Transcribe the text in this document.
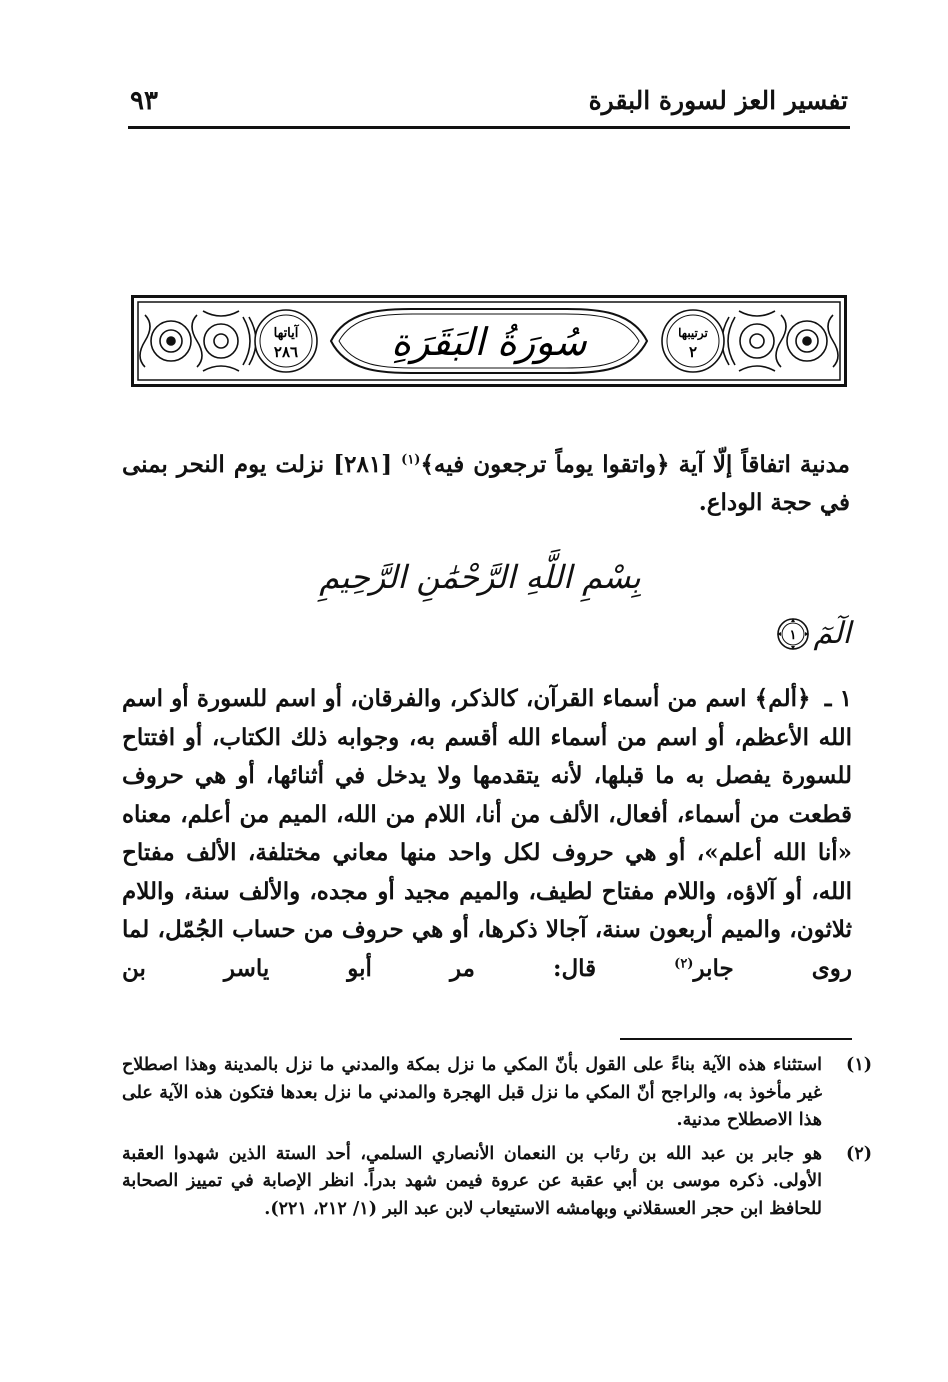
تفسير العز لسورة البقرة
٩٣
آياتها
٢٨٦
ترتيبها
٢
سُورَةُ البَقَرَةِ
مدنية اتفاقاً إلّا آية ﴿واتقوا يوماً ترجعون فيه﴾$^{(١)}$ [٢٨١] نزلت يوم النحر بمنى في حجة الوداع.
بِسْمِ اللَّهِ الرَّحْمَٰنِ الرَّحِيمِ
الٓمٓ
١
١ ـ ﴿ألم﴾ اسم من أسماء القرآن، كالذكر، والفرقان، أو اسم للسورة أو اسم الله الأعظم، أو اسم من أسماء الله أقسم به، وجوابه ذلك الكتاب، أو افتتاح للسورة يفصل به ما قبلها، لأنه يتقدمها ولا يدخل في أثنائها، أو هي حروف قطعت من أسماء، أفعال، الألف من أنا، اللام من الله، الميم من أعلم، معناه «أنا الله أعلم»، أو هي حروف لكل واحد منها معاني مختلفة، الألف مفتاح الله، أو آلاؤه، واللام مفتاح لطيف، والميم مجيد أو مجده، والألف سنة، واللام ثلاثون، والميم أربعون سنة، آجالا ذكرها، أو هي حروف من حساب الجُمّل، لما روى جابر$^{(٢)}$ قال: مر أبو ياسر بن
(١)
استثناء هذه الآية بناءً على القول بأنّ المكي ما نزل بمكة والمدني ما نزل بالمدينة وهذا اصطلاح غير مأخوذ به، والراجح أنّ المكي ما نزل قبل الهجرة والمدني ما نزل بعدها فتكون هذه الآية على هذا الاصطلاح مدنية.
(٢)
هو جابر بن عبد الله بن رئاب بن النعمان الأنصاري السلمي، أحد الستة الذين شهدوا العقبة الأولى. ذكره موسى بن أبي عقبة عن عروة فيمن شهد بدراً. انظر الإصابة في تمييز الصحابة للحافظ ابن حجر العسقلاني وبهامشه الاستيعاب لابن عبد البر (١/ ٢١٢، ٢٢١).
